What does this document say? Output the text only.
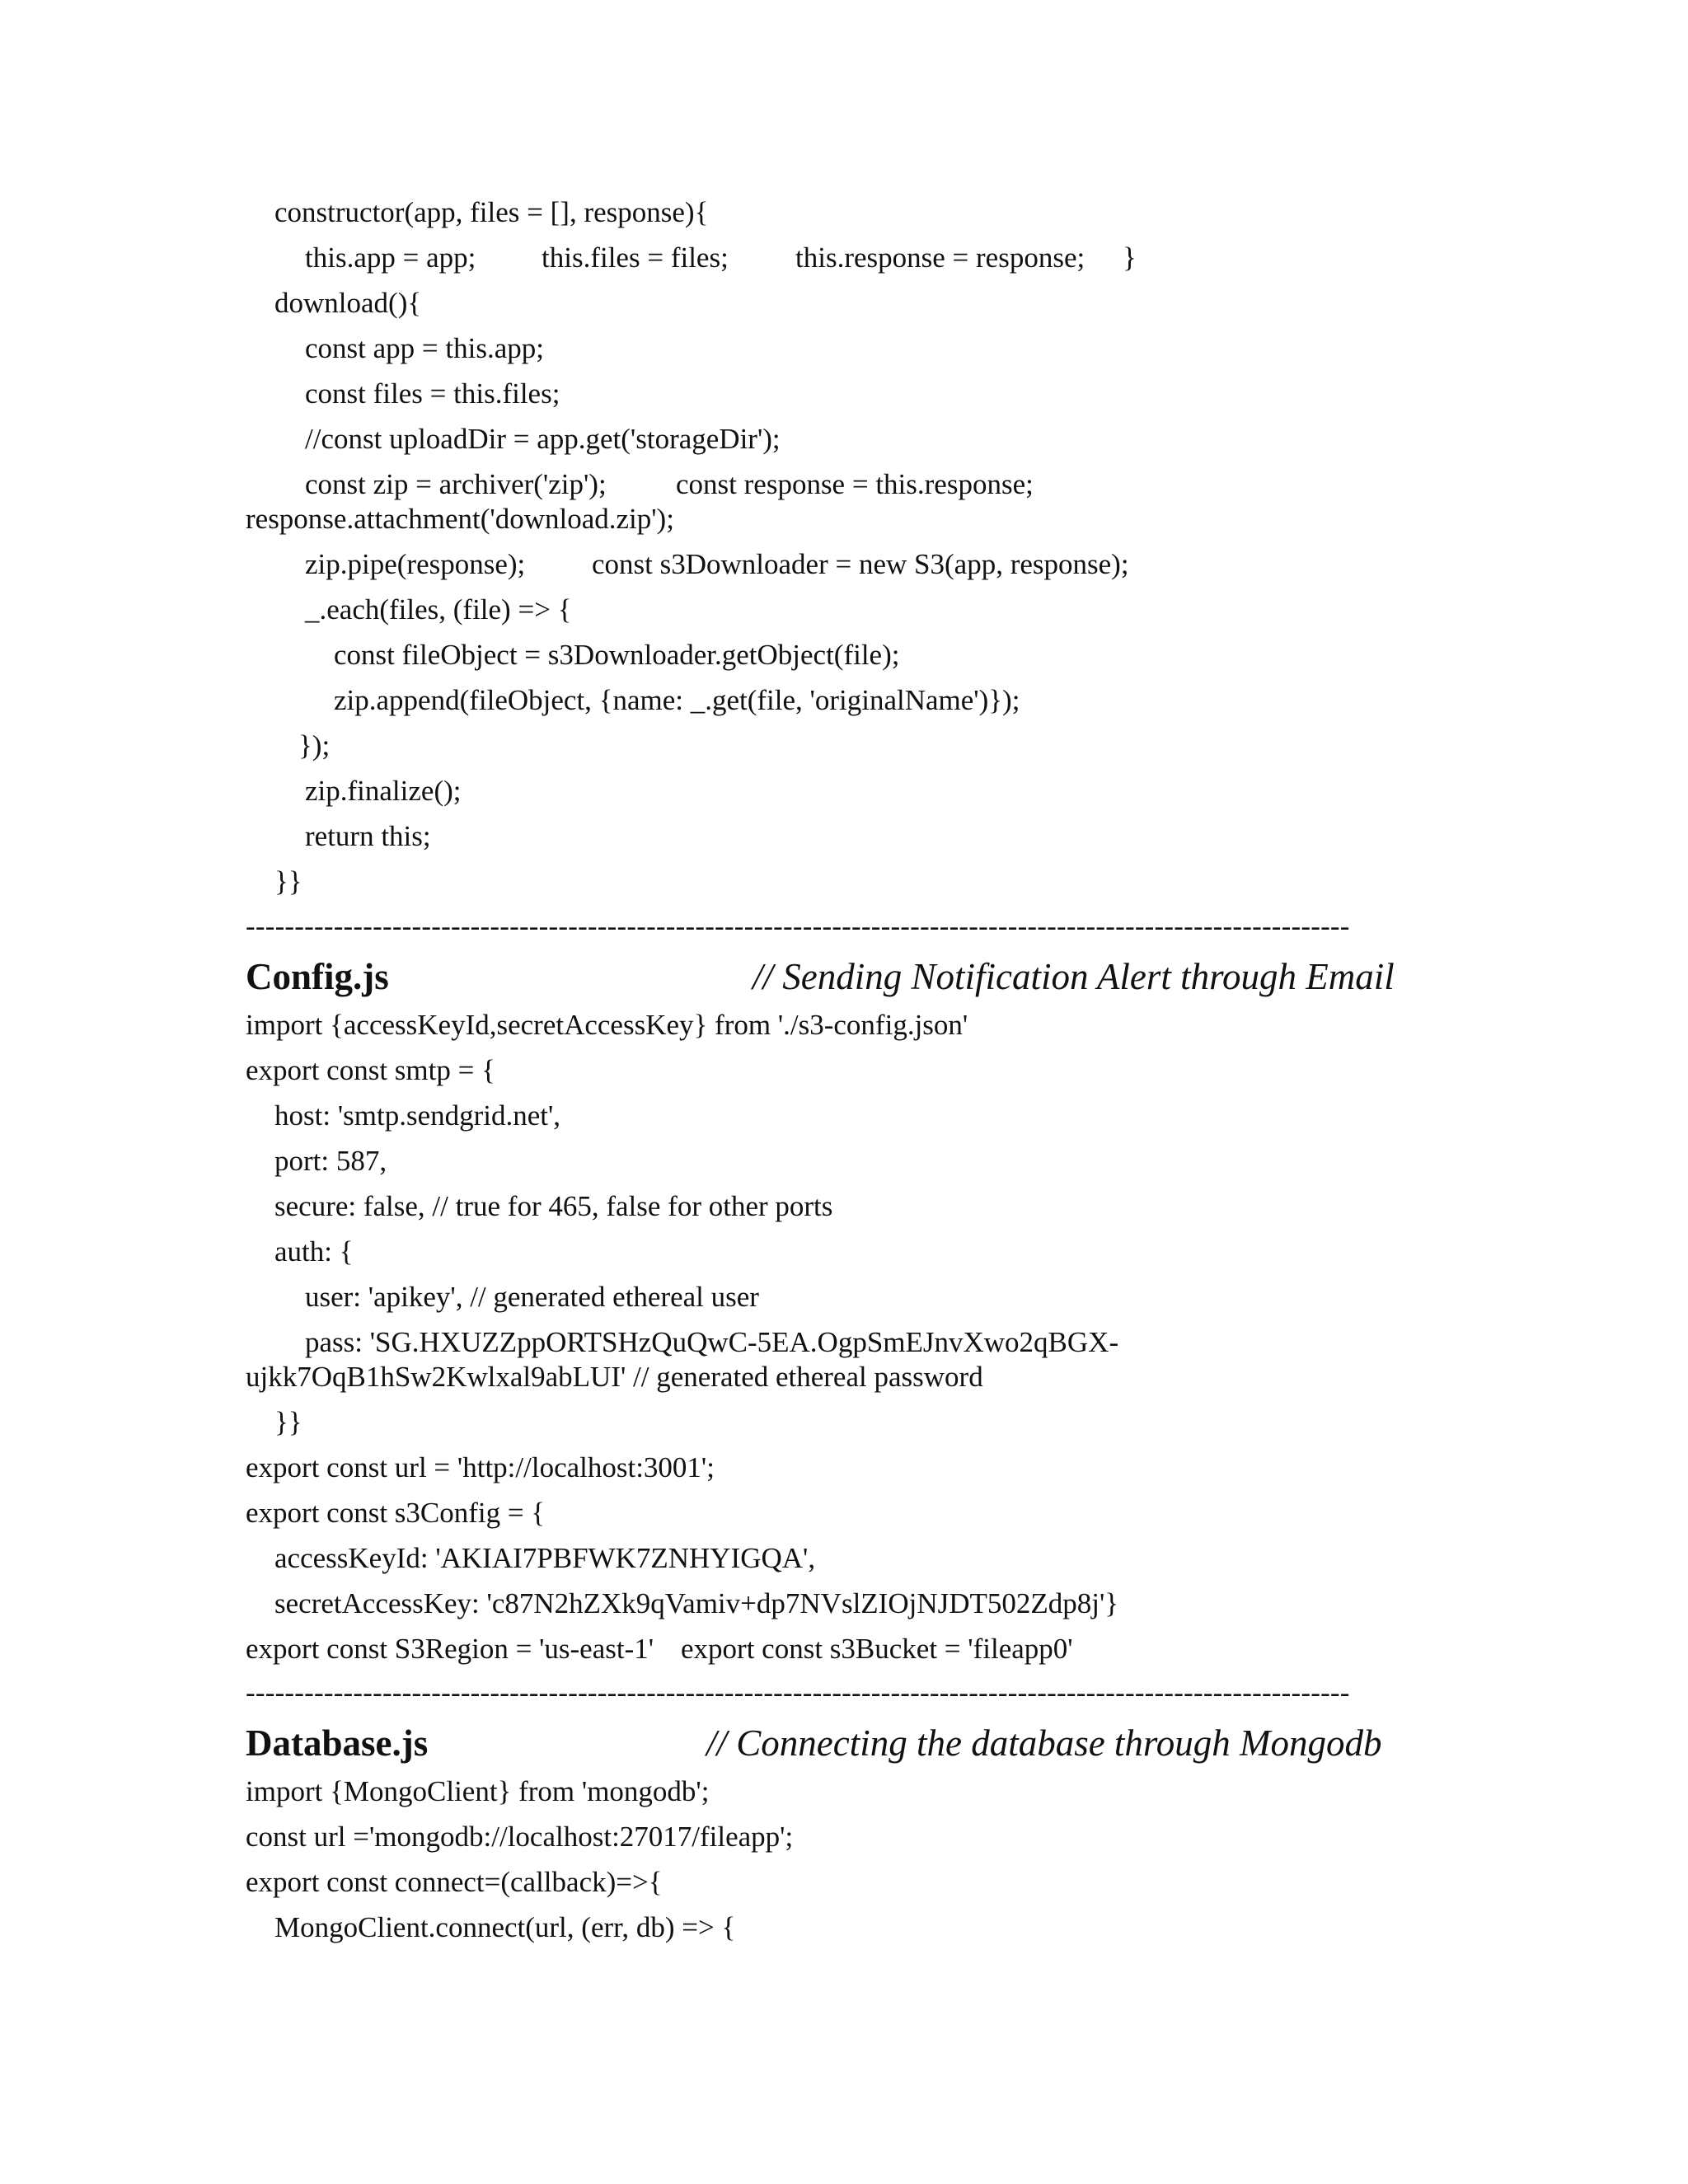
constructor(app, files = [], response){
this.app = app; this.files = files; this.response = response; }
download(){
const app = this.app;
const files = this.files;
//const uploadDir = app.get('storageDir');
const zip = archiver('zip'); const response = this.response;
response.attachment('download.zip');
zip.pipe(response); const s3Downloader = new S3(app, response);
_.each(files, (file) => {
const fileObject = s3Downloader.getObject(file);
zip.append(fileObject, {name: _.get(file, 'originalName')});
});
zip.finalize();
return this;
}}
-----------------------------------------------------------------------------------------------------------------
Config.js	// Sending Notification Alert through Email
import {accessKeyId,secretAccessKey} from './s3-config.json'
export const smtp = {
host: 'smtp.sendgrid.net',
port: 587,
secure: false, // true for 465, false for other ports
auth: {
user: 'apikey', // generated ethereal user
pass: 'SG.HXUZZppORTSHzQuQwC-5EA.OgpSmEJnvXwo2qBGX-
ujkk7OqB1hSw2Kwlxal9abLUI' // generated ethereal password
}}
export const url = 'http://localhost:3001';
export const s3Config = {
accessKeyId: 'AKIAI7PBFWK7ZNHYIGQA',
secretAccessKey: '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'}
export const S3Region = 'us-east-1' export const s3Bucket = 'fileapp0'
-----------------------------------------------------------------------------------------------------------------
Database.js	// Connecting the database through Mongodb
import {MongoClient} from 'mongodb';
const url ='mongodb://localhost:27017/fileapp';
export const connect=(callback)=>{
MongoClient.connect(url, (err, db) => {
